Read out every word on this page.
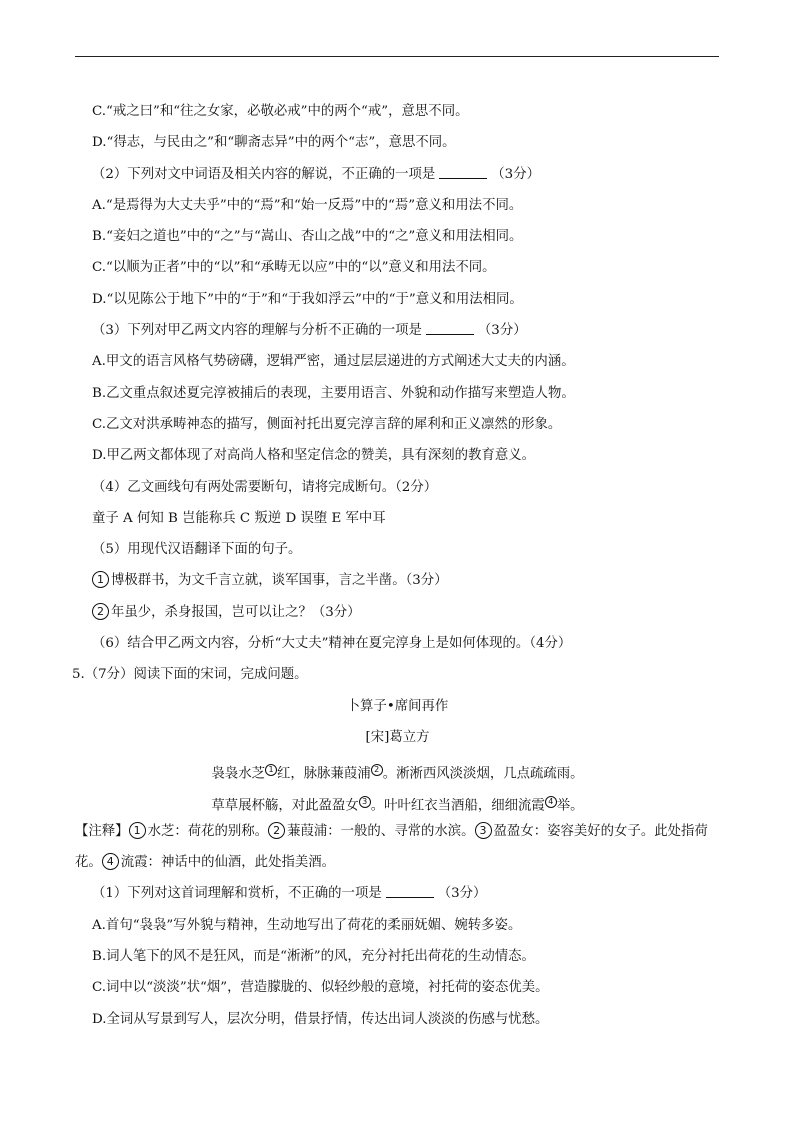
C.“戒之曰”和“往之女家，必敬必戒”中的两个“戒”，意思不同。
D.“得志，与民由之”和“聊斋志异”中的两个“志”，意思不同。
（2）下列对文中词语及相关内容的解说，不正确的一项是	（3分）
A.“是焉得为大丈夫乎”中的“焉”和“始一反焉”中的“焉”意义和用法不同。
B.“妾妇之道也”中的“之”与“嵩山、杏山之战”中的“之”意义和用法相同。
C.“以顺为正者”中的“以”和“承畴无以应”中的“以”意义和用法不同。
D.“以见陈公于地下”中的“于”和“于我如浮云”中的“于”意义和用法相同。
（3）下列对甲乙两文内容的理解与分析不正确的一项是	（3分）
A.甲文的语言风格气势磅礴，逻辑严密，通过层层递进的方式阐述大丈夫的内涵。
B.乙文重点叙述夏完淳被捕后的表现，主要用语言、外貌和动作描写来塑造人物。
C.乙文对洪承畴神态的描写，侧面衬托出夏完淳言辞的犀利和正义凛然的形象。
D.甲乙两文都体现了对高尚人格和坚定信念的赞美，具有深刻的教育意义。
（4）乙文画线句有两处需要断句，请将完成断句。（2分）
童子 A 何知 B 岂能称兵 C 叛逆 D 误堕 E 军中耳
（5）用现代汉语翻译下面的句子。
1 博极群书，为文千言立就，谈军国事，言之半凿。（3分）
2 年虽少，杀身报国，岂可以让之？（3分）
（6）结合甲乙两文内容，分析“大丈夫”精神在夏完淳身上是如何体现的。（4分）
5.（7分）阅读下面的宋词，完成问题。
卜算子•席间再作
[宋]葛立方
袅袅水芝 $^1$ 红，脉脉蒹葭浦 $^2$ 。淅淅西风淡淡烟，几点疏疏雨。
草草展杯觞，对此盈盈女 $^3$ 。叶叶红衣当酒船，细细流霞 $^4$ 举。
【注释】 1 水芝：荷花的别称。 2 蒹葭浦：一般的、寻常的水滨。 3 盈盈女：姿容美好的女子。此处指荷花。 4 流霞：神话中的仙酒，此处指美酒。
（1）下列对这首词理解和赏析，不正确的一项是	（3分）
A.首句“袅袅”写外貌与精神，生动地写出了荷花的柔丽妩媚、婉转多姿。
B.词人笔下的风不是狂风，而是“淅淅”的风，充分衬托出荷花的生动情态。
C.词中以“淡淡”状“烟”，营造朦胧的、似轻纱般的意境，衬托荷的姿态优美。
D.全词从写景到写人，层次分明，借景抒情，传达出词人淡淡的伤感与忧愁。
